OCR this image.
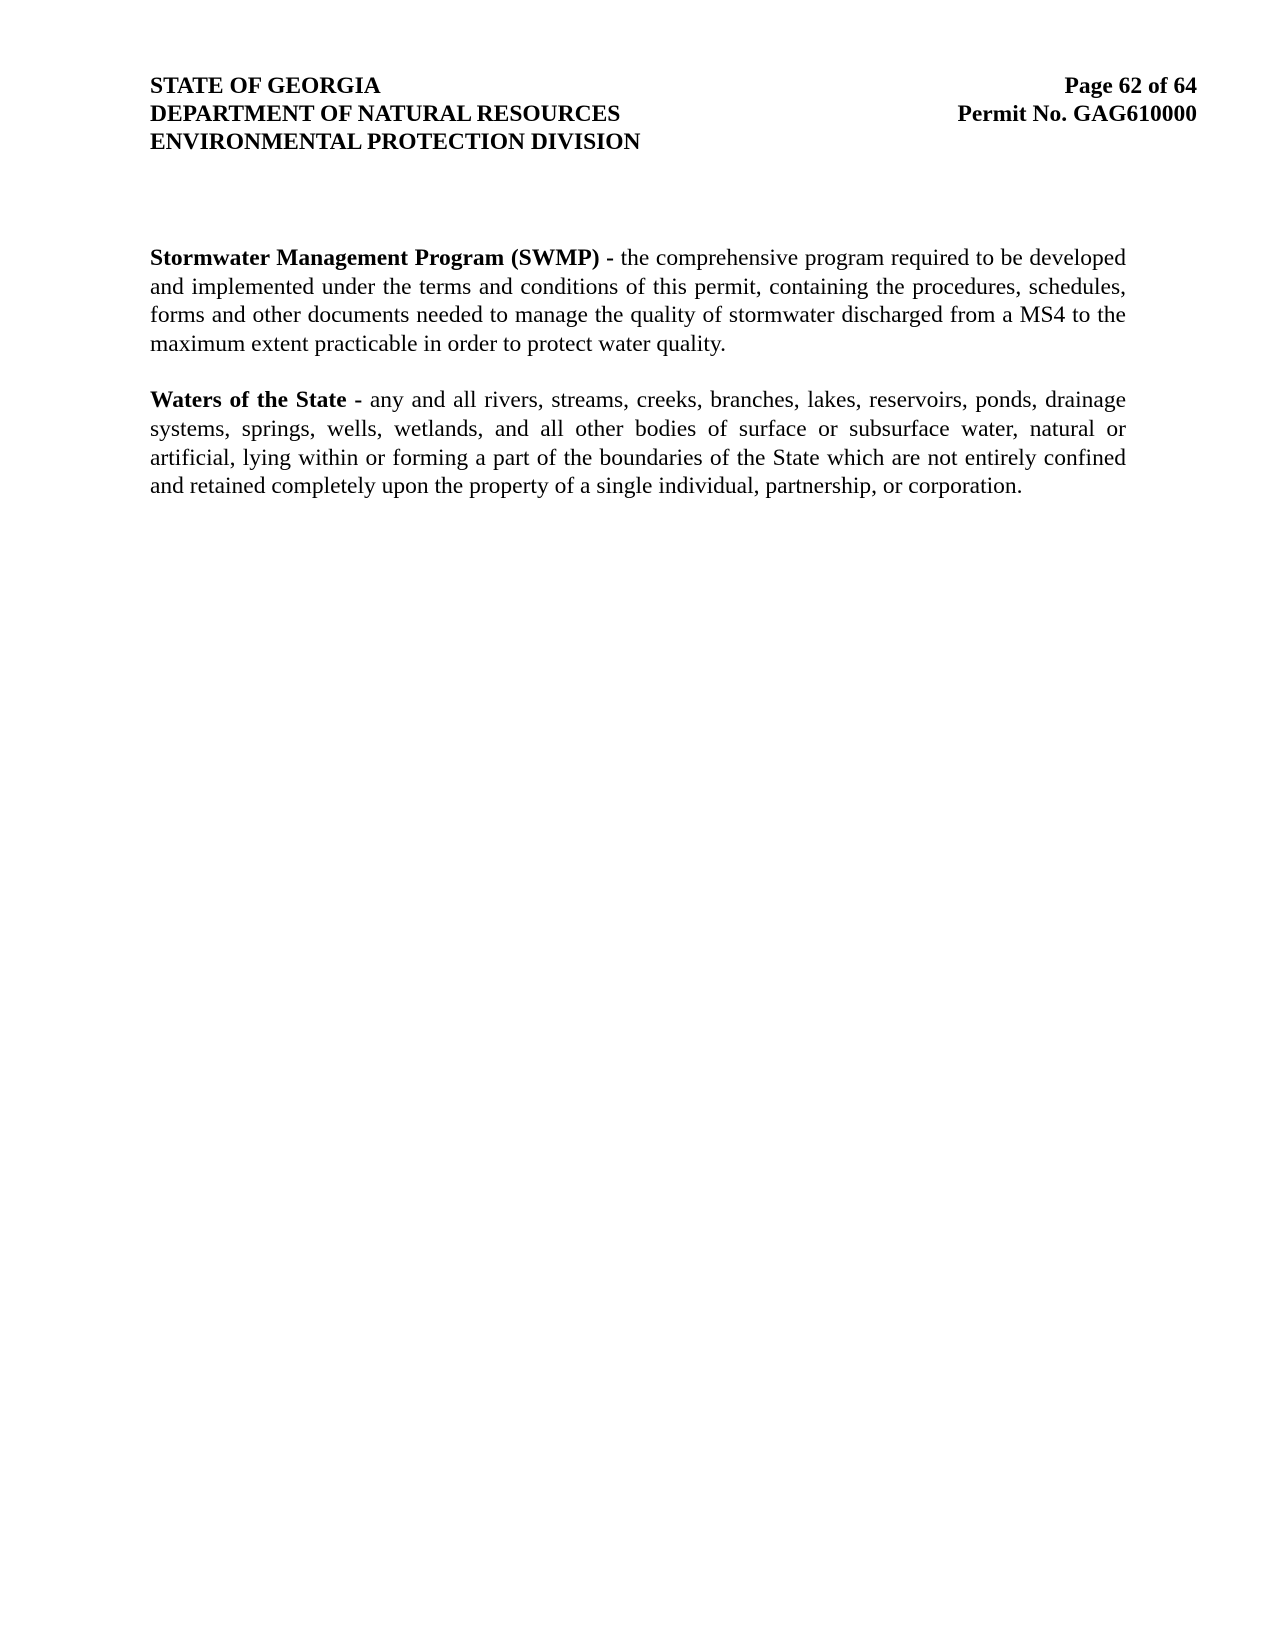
STATE OF GEORGIA
DEPARTMENT OF NATURAL RESOURCES
ENVIRONMENTAL PROTECTION DIVISION
Page 62 of 64
Permit No. GAG610000

Stormwater Management Program (SWMP) - the comprehensive program required to be developed and implemented under the terms and conditions of this permit, containing the procedures, schedules, forms and other documents needed to manage the quality of stormwater discharged from a MS4 to the maximum extent practicable in order to protect water quality.

Waters of the State - any and all rivers, streams, creeks, branches, lakes, reservoirs, ponds, drainage systems, springs, wells, wetlands, and all other bodies of surface or subsurface water, natural or artificial, lying within or forming a part of the boundaries of the State which are not entirely confined and retained completely upon the property of a single individual, partnership, or corporation.
